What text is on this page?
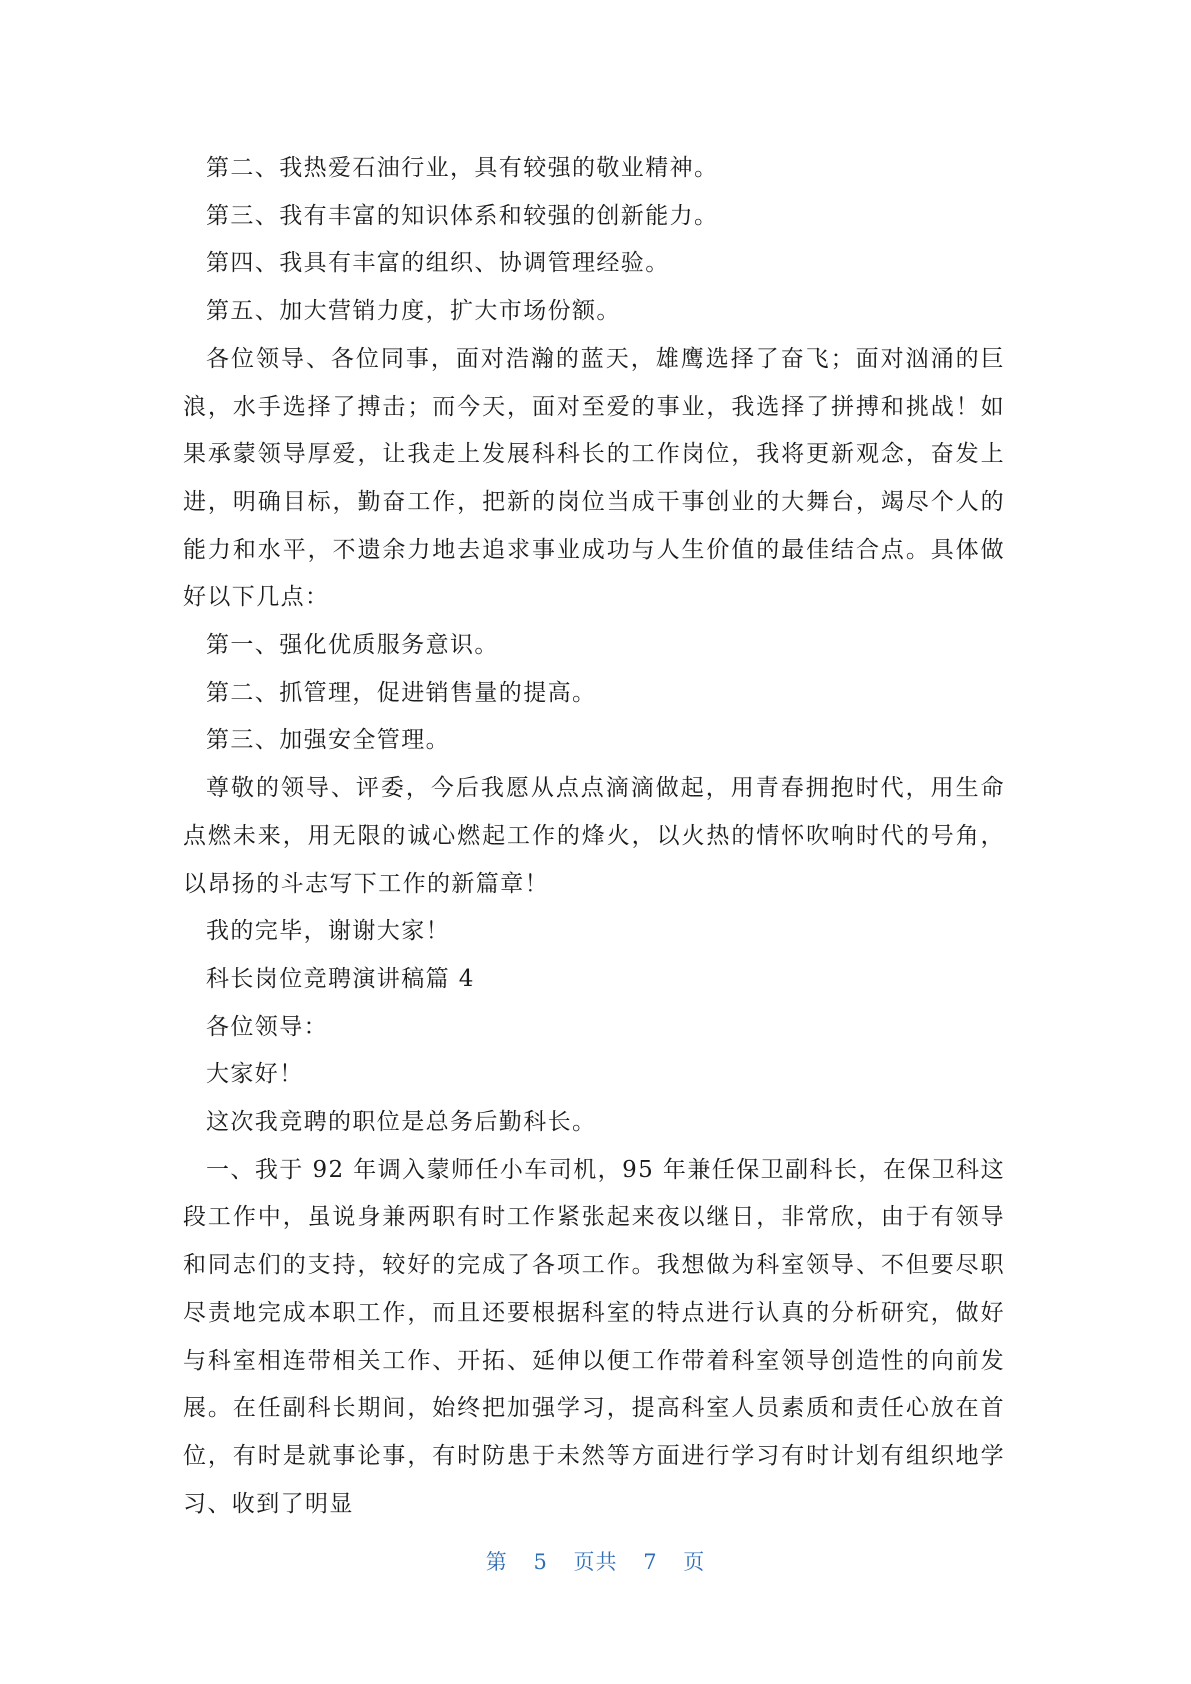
第二、我热爱石油行业，具有较强的敬业精神。

第三、我有丰富的知识体系和较强的创新能力。

第四、我具有丰富的组织、协调管理经验。

第五、加大营销力度，扩大市场份额。

各位领导、各位同事，面对浩瀚的蓝天，雄鹰选择了奋飞；面对汹涌的巨浪，水手选择了搏击；而今天，面对至爱的事业，我选择了拼搏和挑战！如果承蒙领导厚爱，让我走上发展科科长的工作岗位，我将更新观念，奋发上进，明确目标，勤奋工作，把新的岗位当成干事创业的大舞台，竭尽个人的能力和水平，不遗余力地去追求事业成功与人生价值的最佳结合点。具体做好以下几点：

第一、强化优质服务意识。

第二、抓管理，促进销售量的提高。

第三、加强安全管理。

尊敬的领导、评委，今后我愿从点点滴滴做起，用青春拥抱时代，用生命点燃未来，用无限的诚心燃起工作的烽火，以火热的情怀吹响时代的号角，以昂扬的斗志写下工作的新篇章！

我的完毕，谢谢大家！

科长岗位竞聘演讲稿篇 4

各位领导：

大家好！

这次我竞聘的职位是总务后勤科长。

一、我于 92 年调入蒙师任小车司机，95 年兼任保卫副科长，在保卫科这段工作中，虽说身兼两职有时工作紧张起来夜以继日，非常欣，由于有领导和同志们的支持，较好的完成了各项工作。我想做为科室领导、不但要尽职尽责地完成本职工作，而且还要根据科室的特点进行认真的分析研究，做好与科室相连带相关工作、开拓、延伸以便工作带着科室领导创造性的向前发展。在任副科长期间，始终把加强学习，提高科室人员素质和责任心放在首位，有时是就事论事，有时防患于未然等方面进行学习有时计划有组织地学习、收到了明显

第 5 页共 7 页
